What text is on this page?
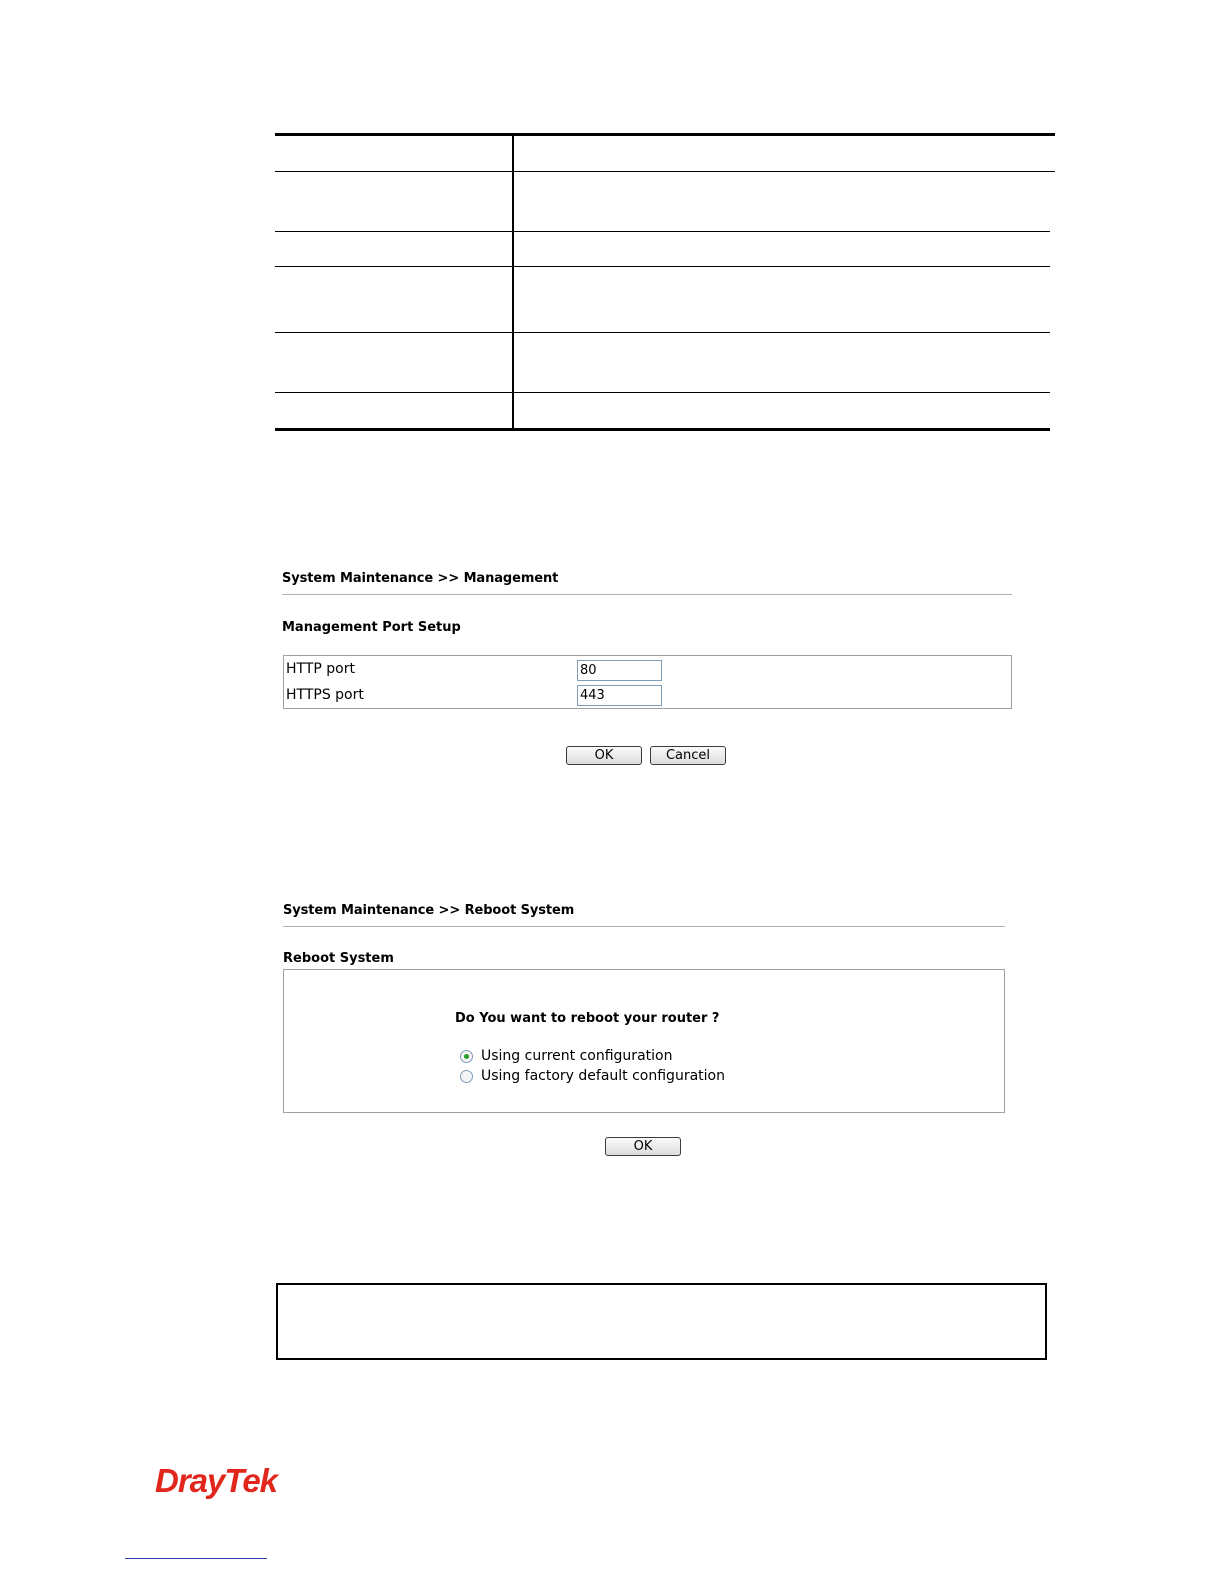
System Maintenance >> Management
Management Port Setup
HTTP port
80
HTTPS port
443
OK	Cancel
System Maintenance >> Reboot System
Reboot System
Do You want to reboot your router ?
Using current configuration
Using factory default configuration
OK
DrayTek
